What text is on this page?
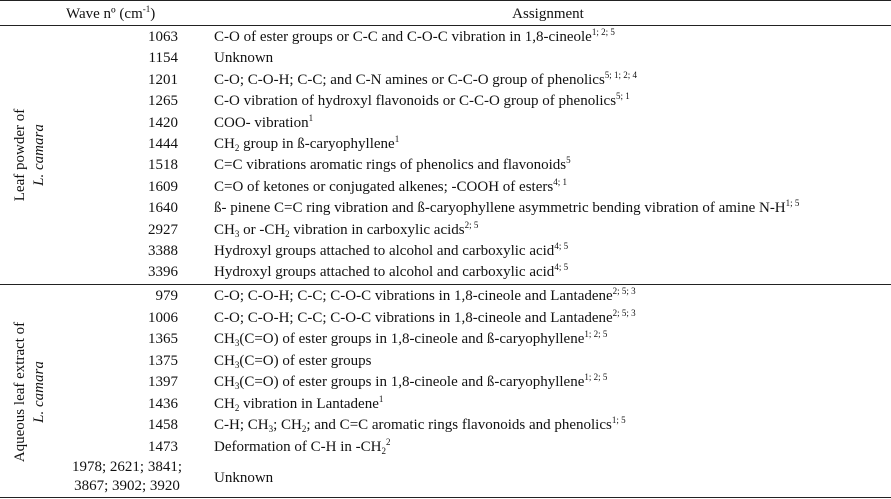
Wave nº $(cm^{-1})$	Assignment
Leaf powder of L. camara
1063 C-O of ester groups or C-C and C-O-C vibration in 1,8-cineole$^{1; 2; 5}$
1154 Unknown
1201 C-O; C-O-H; C-C; and C-N amines or C-C-O group of phenolics$^{5; 1; 2; 4}$
1265 C-O vibration of hydroxyl flavonoids or C-C-O group of phenolics$^{5; 1}$
1420 COO- vibration$^1$
1444 $CH_2$ group in ß-caryophyllene$^1$
1518 C=C vibrations aromatic rings of phenolics and flavonoids$^5$
1609 C=O of ketones or conjugated alkenes; -COOH of esters$^{4; 1}$
1640 ß- pinene C=C ring vibration and ß-caryophyllene asymmetric bending vibration of amine $N-H^{1; 5}$
2927 $CH_3$ or $-CH_2$ vibration in carboxylic acids$^{2; 5}$
3388 Hydroxyl groups attached to alcohol and carboxylic acid$^{4; 5}$
3396 Hydroxyl groups attached to alcohol and carboxylic acid$^{4; 5}$
Aqueous leaf extract of L. camara
979 C-O; C-O-H; C-C; C-O-C vibrations in 1,8-cineole and Lantadene$^{2; 5; 3}$
1006 C-O; C-O-H; C-C; C-O-C vibrations in 1,8-cineole and Lantadene$^{2; 5; 3}$
1365 $CH_3(C=O)$ of ester groups in 1,8-cineole and ß-caryophyllene$^{1; 2; 5}$
1375 $CH_3(C=O)$ of ester groups
1397 $CH_3(C=O)$ of ester groups in 1,8-cineole and ß-caryophyllene$^{1; 2; 5}$
1436 $CH_2$ vibration in Lantadene$^1$
1458 C-H; $CH_3$; $CH_2$; and C=C aromatic rings flavonoids and phenolics$^{1; 5}$
1473 Deformation of C-H in $-CH_2^2$
1978; 2621; 3841;
3867; 3902; 3920	Unknown
